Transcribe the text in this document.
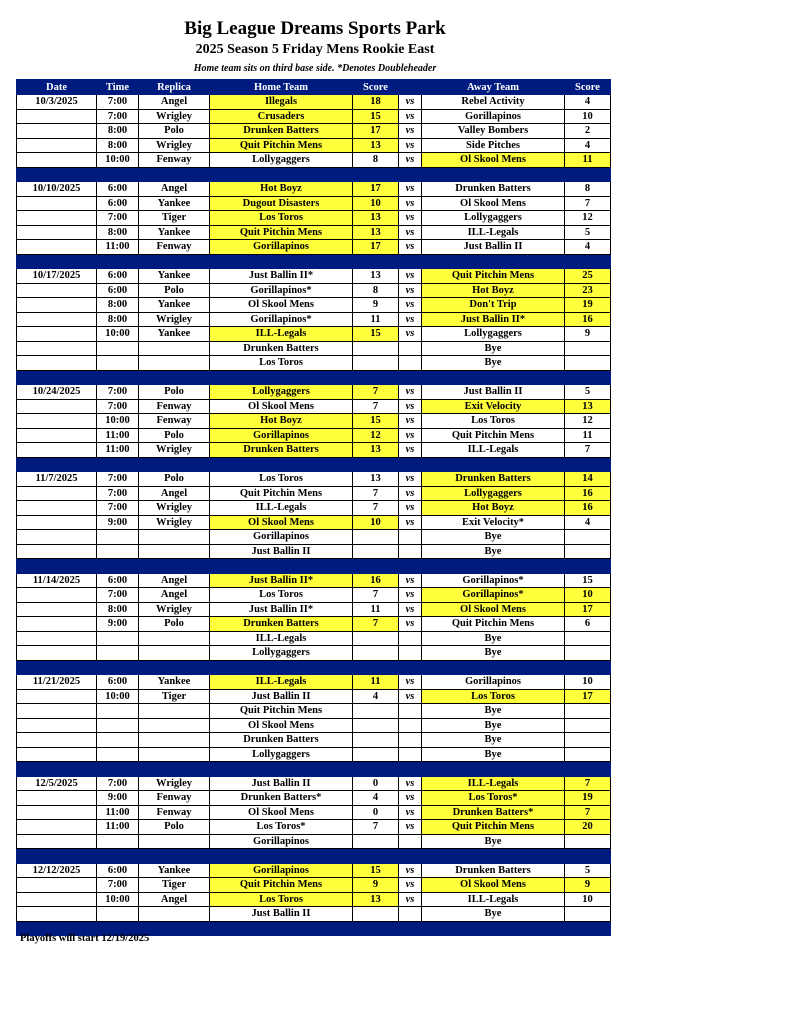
Big League Dreams Sports Park
2025 Season 5 Friday Mens Rookie East
Home team sits on third base side. *Denotes Doubleheader
Date	Time	Replica	Home Team	Score		Away Team	Score
10/3/2025	7:00	Angel	Illegals	18	vs	Rebel Activity	4
	7:00	Wrigley	Crusaders	15	vs	Gorillapinos	10
	8:00	Polo	Drunken Batters	17	vs	Valley Bombers	2
	8:00	Wrigley	Quit Pitchin Mens	13	vs	Side Pitches	4
	10:00	Fenway	Lollygaggers	8	vs	Ol Skool Mens	11

10/10/2025	6:00	Angel	Hot Boyz	17	vs	Drunken Batters	8
	6:00	Yankee	Dugout Disasters	10	vs	Ol Skool Mens	7
	7:00	Tiger	Los Toros	13	vs	Lollygaggers	12
	8:00	Yankee	Quit Pitchin Mens	13	vs	ILL-Legals	5
	11:00	Fenway	Gorillapinos	17	vs	Just Ballin II	4

10/17/2025	6:00	Yankee	Just Ballin II*	13	vs	Quit Pitchin Mens	25
	6:00	Polo	Gorillapinos*	8	vs	Hot Boyz	23
	8:00	Yankee	Ol Skool Mens	9	vs	Don't Trip	19
	8:00	Wrigley	Gorillapinos*	11	vs	Just Ballin II*	16
	10:00	Yankee	ILL-Legals	15	vs	Lollygaggers	9
			Drunken Batters			Bye	
			Los Toros			Bye	

10/24/2025	7:00	Polo	Lollygaggers	7	vs	Just Ballin II	5
	7:00	Fenway	Ol Skool Mens	7	vs	Exit Velocity	13
	10:00	Fenway	Hot Boyz	15	vs	Los Toros	12
	11:00	Polo	Gorillapinos	12	vs	Quit Pitchin Mens	11
	11:00	Wrigley	Drunken Batters	13	vs	ILL-Legals	7

11/7/2025	7:00	Polo	Los Toros	13	vs	Drunken Batters	14
	7:00	Angel	Quit Pitchin Mens	7	vs	Lollygaggers	16
	7:00	Wrigley	ILL-Legals	7	vs	Hot Boyz	16
	9:00	Wrigley	Ol Skool Mens	10	vs	Exit Velocity*	4
			Gorillapinos			Bye	
			Just Ballin II			Bye	

11/14/2025	6:00	Angel	Just Ballin II*	16	vs	Gorillapinos*	15
	7:00	Angel	Los Toros	7	vs	Gorillapinos*	10
	8:00	Wrigley	Just Ballin II*	11	vs	Ol Skool Mens	17
	9:00	Polo	Drunken Batters	7	vs	Quit Pitchin Mens	6
			ILL-Legals			Bye	
			Lollygaggers			Bye	

11/21/2025	6:00	Yankee	ILL-Legals	11	vs	Gorillapinos	10
	10:00	Tiger	Just Ballin II	4	vs	Los Toros	17
			Quit Pitchin Mens			Bye	
			Ol Skool Mens			Bye	
			Drunken Batters			Bye	
			Lollygaggers			Bye	

12/5/2025	7:00	Wrigley	Just Ballin II	0	vs	ILL-Legals	7
	9:00	Fenway	Drunken Batters*	4	vs	Los Toros*	19
	11:00	Fenway	Ol Skool Mens	0	vs	Drunken Batters*	7
	11:00	Polo	Los Toros*	7	vs	Quit Pitchin Mens	20
			Gorillapinos			Bye	

12/12/2025	6:00	Yankee	Gorillapinos	15	vs	Drunken Batters	5
	7:00	Tiger	Quit Pitchin Mens	9	vs	Ol Skool Mens	9
	10:00	Angel	Los Toros	13	vs	ILL-Legals	10
			Just Ballin II			Bye	

Playoffs will start 12/19/2025
